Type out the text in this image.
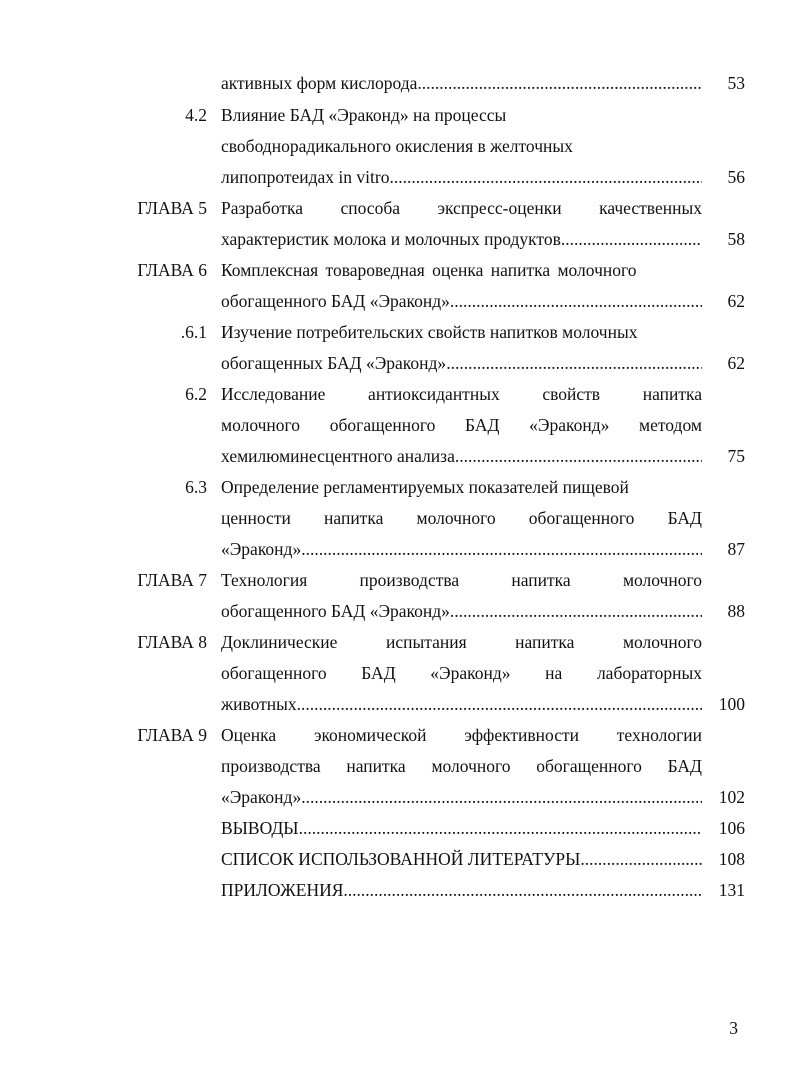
активных форм кислорода .....	53
4.2 Влияние БАД «Эраконд» на процессы
свободнорадикального окисления в желточных
липопротеидах in vitro .....	56
ГЛАВА 5 Разработка способа экспресс-оценки качественных
характеристик молока и молочных продуктов .....	58
ГЛАВА 6 Комплексная товароведная оценка напитка молочного
обогащенного БАД «Эраконд» .....	62
.6.1 Изучение потребительских свойств напитков молочных
обогащенных БАД «Эраконд» .....	62
6.2 Исследование антиоксидантных свойств напитка
молочного обогащенного БАД «Эраконд» методом
хемилюминесцентного анализа .....	75
6.3 Определение регламентируемых показателей пищевой
ценности напитка молочного обогащенного БАД
«Эраконд» .....	87
ГЛАВА 7 Технология	производства	напитка	молочного
обогащенного БАД «Эраконд» .....	88
ГЛАВА 8 Доклинические	испытания	напитка	молочного
обогащенного БАД «Эраконд» на лабораторных
животных .....	100
ГЛАВА 9 Оценка экономической эффективности технологии
производства напитка молочного обогащенного БАД
«Эраконд» .....	102
ВЫВОДЫ .....	106
СПИСОК ИСПОЛЬЗОВАННОЙ ЛИТЕРАТУРЫ .....	108
ПРИЛОЖЕНИЯ .....	131
3
